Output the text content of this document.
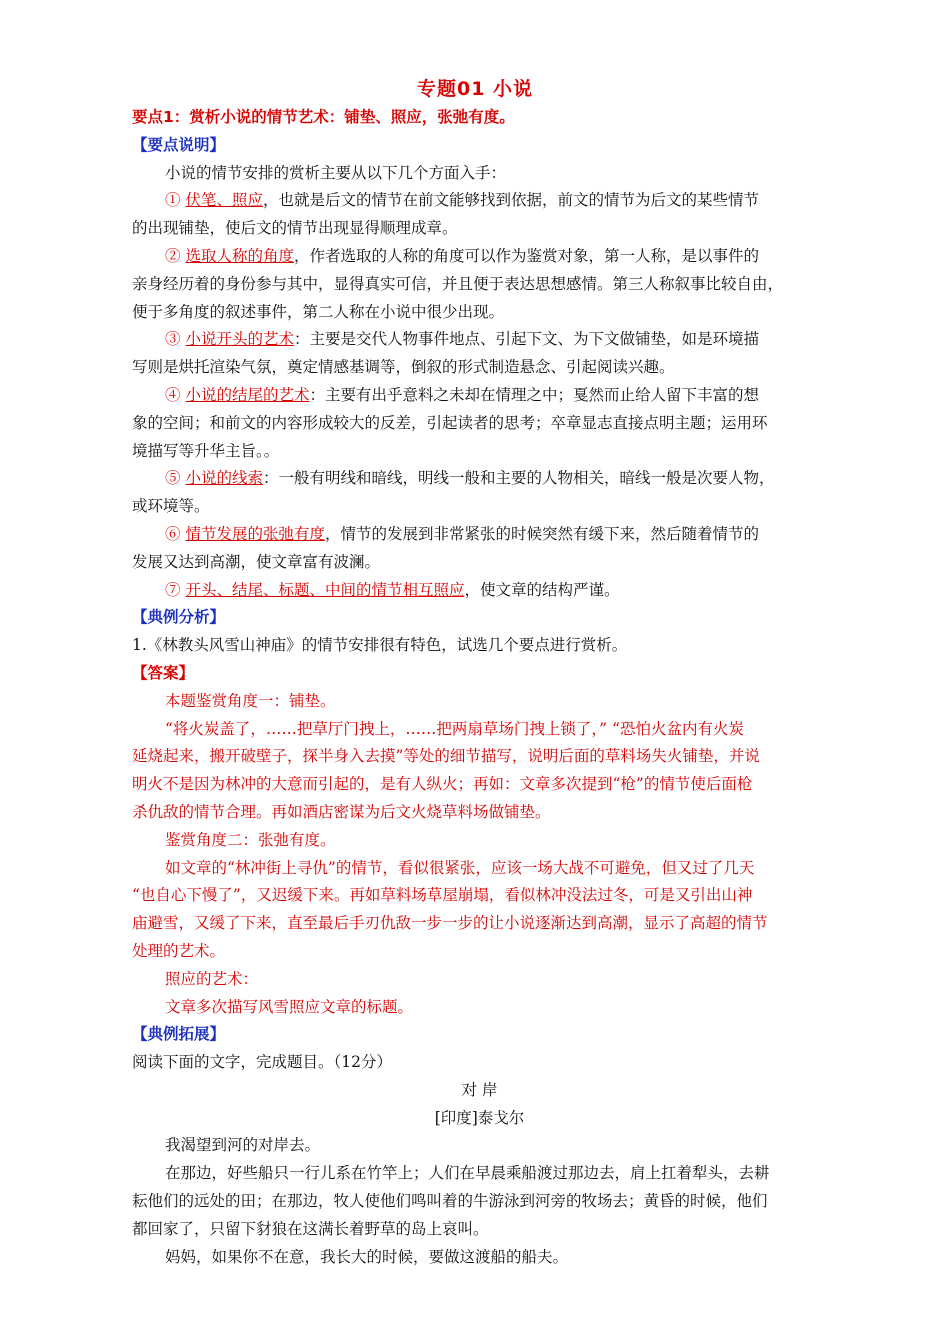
专题01 小说
要点1：赏析小说的情节艺术：铺垫、照应，张弛有度。
【要点说明】
小说的情节安排的赏析主要从以下几个方面入手：
① 伏笔、照应，也就是后文的情节在前文能够找到依据，前文的情节为后文的某些情节
的出现铺垫，使后文的情节出现显得顺理成章。
② 选取人称的角度，作者选取的人称的角度可以作为鉴赏对象，第一人称，是以事件的
亲身经历着的身份参与其中，显得真实可信，并且便于表达思想感情。第三人称叙事比较自由，
便于多角度的叙述事件，第二人称在小说中很少出现。
③ 小说开头的艺术：主要是交代人物事件地点、引起下文、为下文做铺垫，如是环境描
写则是烘托渲染气氛，奠定情感基调等，倒叙的形式制造悬念、引起阅读兴趣。
④ 小说的结尾的艺术：主要有出乎意料之未却在情理之中；戛然而止给人留下丰富的想
象的空间；和前文的内容形成较大的反差，引起读者的思考；卒章显志直接点明主题；运用环
境描写等升华主旨。。
⑤ 小说的线索：一般有明线和暗线，明线一般和主要的人物相关，暗线一般是次要人物，
或环境等。
⑥ 情节发展的张弛有度，情节的发展到非常紧张的时候突然有缓下来，然后随着情节的
发展又达到高潮，使文章富有波澜。
⑦ 开头、结尾、标题、中间的情节相互照应，使文章的结构严谨。
【典例分析】
1.《林教头风雪山神庙》的情节安排很有特色，试选几个要点进行赏析。
【答案】
本题鉴赏角度一：铺垫。
“将火炭盖了，……把草厅门拽上，……把两扇草场门拽上锁了，” “恐怕火盆内有火炭
延烧起来，搬开破壁子，探半身入去摸”等处的细节描写，说明后面的草料场失火铺垫，并说
明火不是因为林冲的大意而引起的，是有人纵火；再如：文章多次提到“枪”的情节使后面枪
杀仇敌的情节合理。再如酒店密谋为后文火烧草料场做铺垫。
鉴赏角度二：张弛有度。
如文章的“林冲街上寻仇”的情节，看似很紧张，应该一场大战不可避免，但又过了几天
“也自心下慢了”，又迟缓下来。再如草料场草屋崩塌，看似林冲没法过冬，可是又引出山神
庙避雪，又缓了下来，直至最后手刃仇敌一步一步的让小说逐渐达到高潮，显示了高超的情节
处理的艺术。
照应的艺术：
文章多次描写风雪照应文章的标题。
【典例拓展】
阅读下面的文字，完成题目。（12分）
对 岸
[印度]泰戈尔
我渴望到河的对岸去。
在那边，好些船只一行儿系在竹竿上；人们在早晨乘船渡过那边去，肩上扛着犁头，去耕
耘他们的远处的田；在那边，牧人使他们鸣叫着的牛游泳到河旁的牧场去；黄昏的时候，他们
都回家了，只留下豺狼在这满长着野草的岛上哀叫。
妈妈，如果你不在意，我长大的时候，要做这渡船的船夫。
